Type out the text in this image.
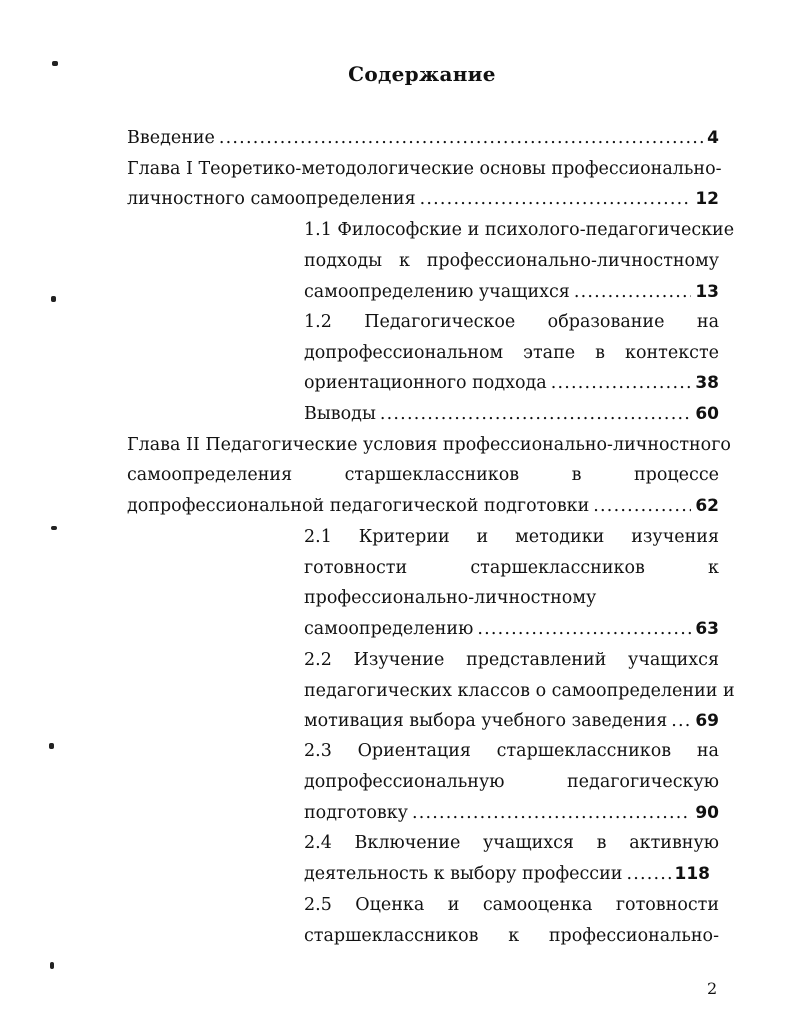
Содержание
Введение .....	4
Глава I Теоретико-методологические основы профессионально-
личностного самоопределения .....	12
1.1 Философские и психолого-педагогические
подходы к профессионально-личностному
самоопределению учащихся .....	13
1.2 Педагогическое образование на
допрофессиональном этапе в контексте
ориентационного подхода .....	38
Выводы .....	60
Глава II Педагогические условия профессионально-личностного
самоопределения старшеклассников в процессе
допрофессиональной педагогической подготовки .....	62
2.1 Критерии и методики изучения
готовности старшеклассников к
профессионально-личностному
самоопределению .....	63
2.2 Изучение представлений учащихся
педагогических классов о самоопределении и
мотивация выбора учебного заведения ..... 69
2.3 Ориентация старшеклассников на
допрофессиональную педагогическую
подготовку .....	90
2.4 Включение учащихся в активную
деятельность к выбору профессии .....	118
2.5 Оценка и самооценка готовности
старшеклассников к профессионально-
2
